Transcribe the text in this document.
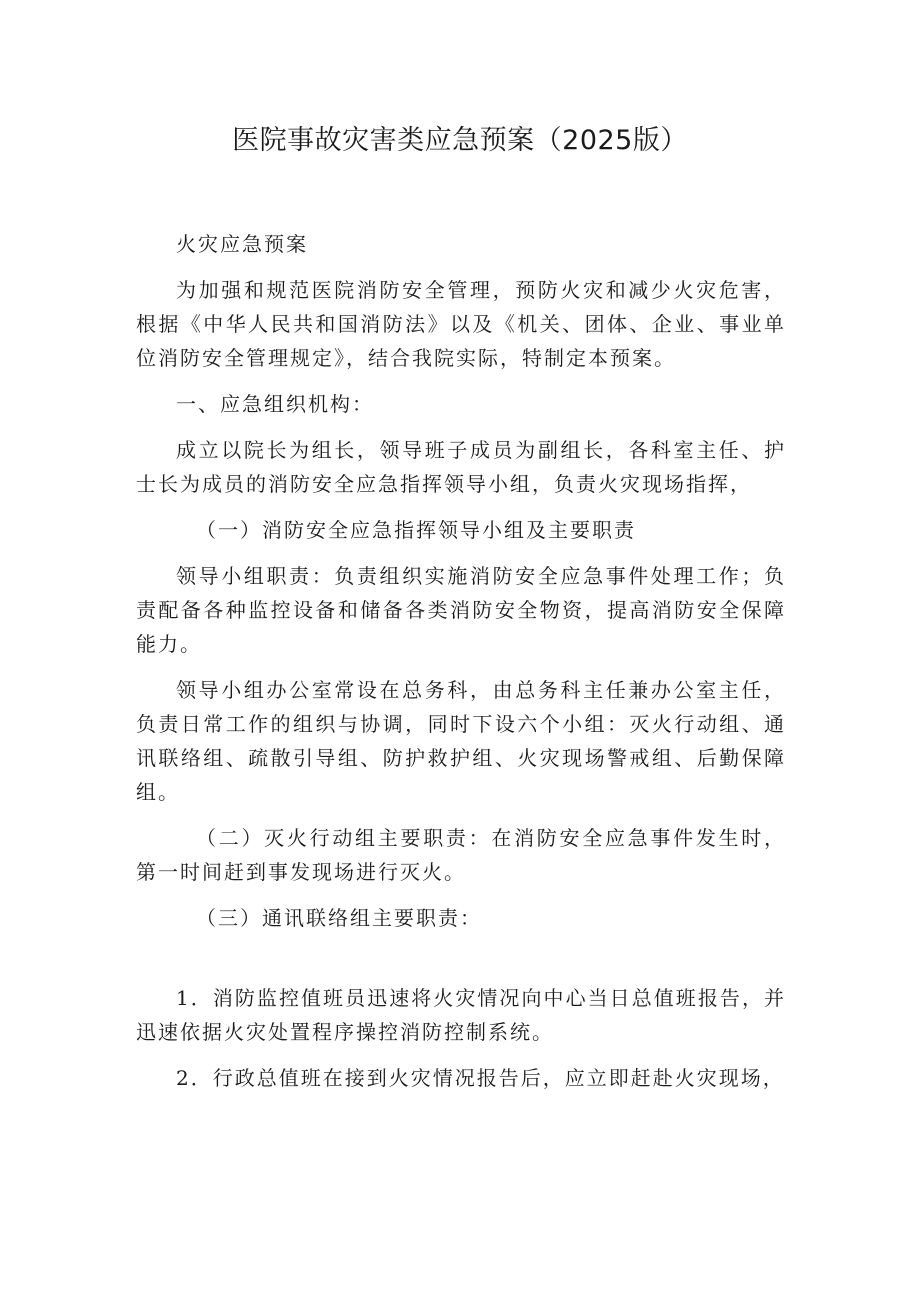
医院事故灾害类应急预案（2025版）

火灾应急预案

为加强和规范医院消防安全管理，预防火灾和减少火灾危害，根据《中华人民共和国消防法》以及《机关、团体、企业、事业单位消防安全管理规定》，结合我院实际，特制定本预案。

一、应急组织机构：

成立以院长为组长，领导班子成员为副组长，各科室主任、护士长为成员的消防安全应急指挥领导小组，负责火灾现场指挥，

（一）消防安全应急指挥领导小组及主要职责

领导小组职责：负责组织实施消防安全应急事件处理工作；负责配备各种监控设备和储备各类消防安全物资，提高消防安全保障能力。

领导小组办公室常设在总务科，由总务科主任兼办公室主任，负责日常工作的组织与协调，同时下设六个小组：灭火行动组、通讯联络组、疏散引导组、防护救护组、火灾现场警戒组、后勤保障组。

（二）灭火行动组主要职责：在消防安全应急事件发生时，第一时间赶到事发现场进行灭火。

（三）通讯联络组主要职责：

1．消防监控值班员迅速将火灾情况向中心当日总值班报告，并迅速依据火灾处置程序操控消防控制系统。

2．行政总值班在接到火灾情况报告后，应立即赶赴火灾现场，
